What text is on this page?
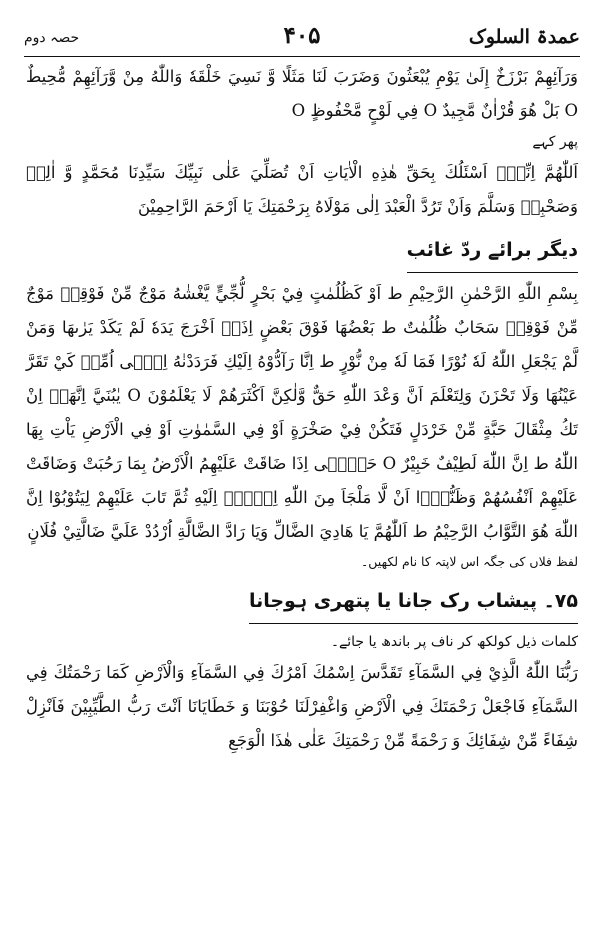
عمدۃ السلوک
۴۰۵
حصہ دوم

وَرَآئِهِمْ بَرْزَخٌ إِلَىٰ يَوْمِ يُبْعَثُونَ وَضَرَبَ لَنَا مَثَلًا وَّ نَسِيَ خَلْقَهٗ وَاللّٰهُ مِنْ وَّرَآئِهِمْ مُّحِيطٌ O بَلْ هُوَ قُرْاٰنٌ مَّجِيدٌ O فِي لَوْحٍ مَّحْفُوظٍ O

پھر کہے

اَللّٰهُمَّ اِنِّيْۤ اَسْئَلُكَ بِحَقِّ هٰذِهِ الْاٰيَاتِ اَنْ تُصَلِّيَ عَلٰى نَبِيِّكَ سَيِّدِنَا مُحَمَّدٍ وَّ اٰلِهٖ وَصَحْبِهٖ وَسَلَّمَ وَاَنْ تَرُدَّ الْعَبْدَ اِلٰى مَوْلَاهُ بِرَحْمَتِكَ يَا اَرْحَمَ الرَّاحِمِيْنَ

دیگر برائے ردّ غائب

بِسْمِ اللّٰهِ الرَّحْمٰنِ الرَّحِيْمِ ط اَوْ كَظُلُمٰتٍ فِيْ بَحْرٍ لُّجِّيٍّ يَّغْشٰهُ مَوْجٌ مِّنْ فَوْقِهٖ مَوْجٌ مِّنْ فَوْقِهٖ سَحَابٌ ظُلُمٰتٌ ط بَعْضُهَا فَوْقَ بَعْضٍ اِذَاۤ اَخْرَجَ يَدَهٗ لَمْ يَكَدْ يَرٰىهَا وَمَنْ لَّمْ يَجْعَلِ اللّٰهُ لَهٗ نُوْرًا فَمَا لَهٗ مِنْ نُّوْرٍ ط اِنَّا رَآدُّوْهُ اِلَيْكِ فَرَدَدْنٰهُ اِلٰۤى اُمِّهٖ كَيْ تَقَرَّ عَيْنُهَا وَلَا تَحْزَنَ وَلِتَعْلَمَ اَنَّ وَعْدَ اللّٰهِ حَقٌّ وَّلٰكِنَّ اَكْثَرَهُمْ لَا يَعْلَمُوْنَ O يٰبُنَيَّ اِنَّهَاۤ اِنْ تَكُ مِثْقَالَ حَبَّةٍ مِّنْ خَرْدَلٍ فَتَكُنْ فِيْ صَخْرَةٍ اَوْ فِي السَّمٰوٰتِ اَوْ فِي الْاَرْضِ يَاْتِ بِهَا اللّٰهُ ط اِنَّ اللّٰهَ لَطِيْفٌ خَبِيْرٌ O حَتّٰۤى اِذَا ضَاقَتْ عَلَيْهِمُ الْاَرْضُ بِمَا رَحُبَتْ وَضَاقَتْ عَلَيْهِمْ اَنْفُسُهُمْ وَظَنُّوْۤا اَنْ لَّا مَلْجَاَ مِنَ اللّٰهِ اِلَّاۤ اِلَيْهِ ثُمَّ تَابَ عَلَيْهِمْ لِيَتُوْبُوْا اِنَّ اللّٰهَ هُوَ التَّوَّابُ الرَّحِيْمُ ط اَللّٰهُمَّ يَا هَادِيَ الضَّالِّ وَيَا رَادَّ الضَّالَّةِ اُرْدُدْ عَلَيَّ ضَالَّتِيْ فُلَانٍ

لفظ فلاں کی جگہ اس لاپتہ کا نام لکھیں۔

۷۵۔ پیشاب رک جانا یا پتھری ہوجانا

کلمات ذیل کولکھ کر ناف پر باندھ یا جائے۔

رَبُّنَا اللّٰهُ الَّذِيْ فِي السَّمَآءِ تَقَدَّسَ اِسْمُكَ اَمْرُكَ فِي السَّمَآءِ وَالْاَرْضِ كَمَا رَحْمَتُكَ فِي السَّمَآءِ فَاجْعَلْ رَحْمَتَكَ فِي الْاَرْضِ وَاغْفِرْلَنَا حُوْبَنَا وَ خَطَايَانَا اَنْتَ رَبُّ الطَّيِّبِيْنَ فَاَنْزِلْ شِفَاءً مِّنْ شِفَائِكَ وَ رَحْمَةً مِّنْ رَحْمَتِكَ عَلٰى هٰذَا الْوَجَعِ
